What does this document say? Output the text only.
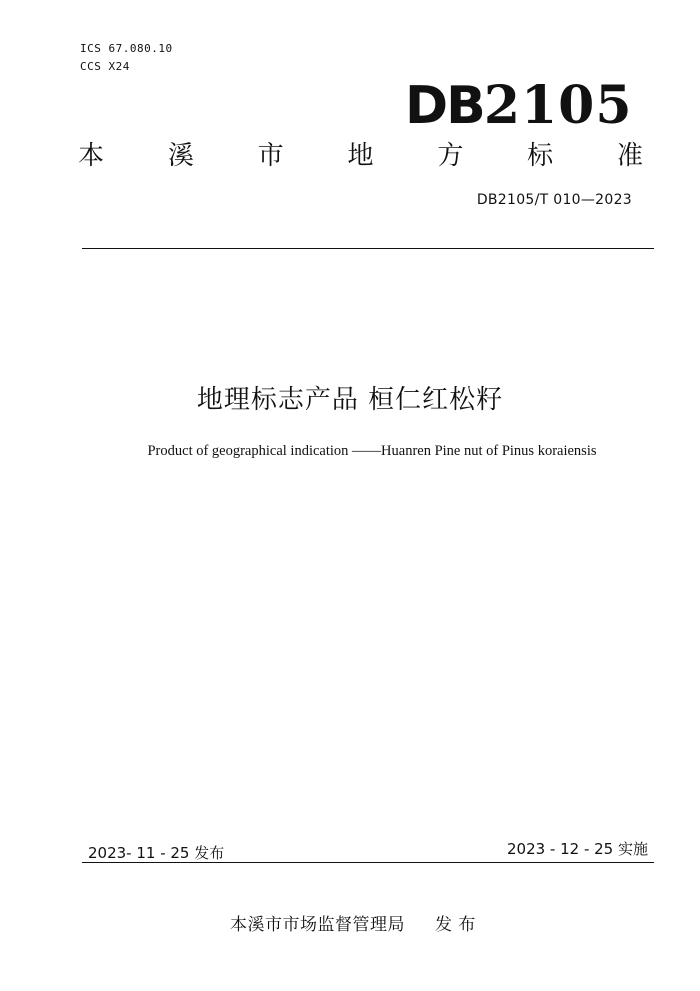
ICS 67.080.10
CCS X24
DB2105
本 溪 市 地 方 标 准
DB2105/T 010—2023
地理标志产品 桓仁红松籽
Product of geographical indication ——Huanren Pine nut of Pinus koraiensis
2023- 11 - 25 发布	2023 - 12 - 25 实施
本溪市市场监督管理局 发 布
